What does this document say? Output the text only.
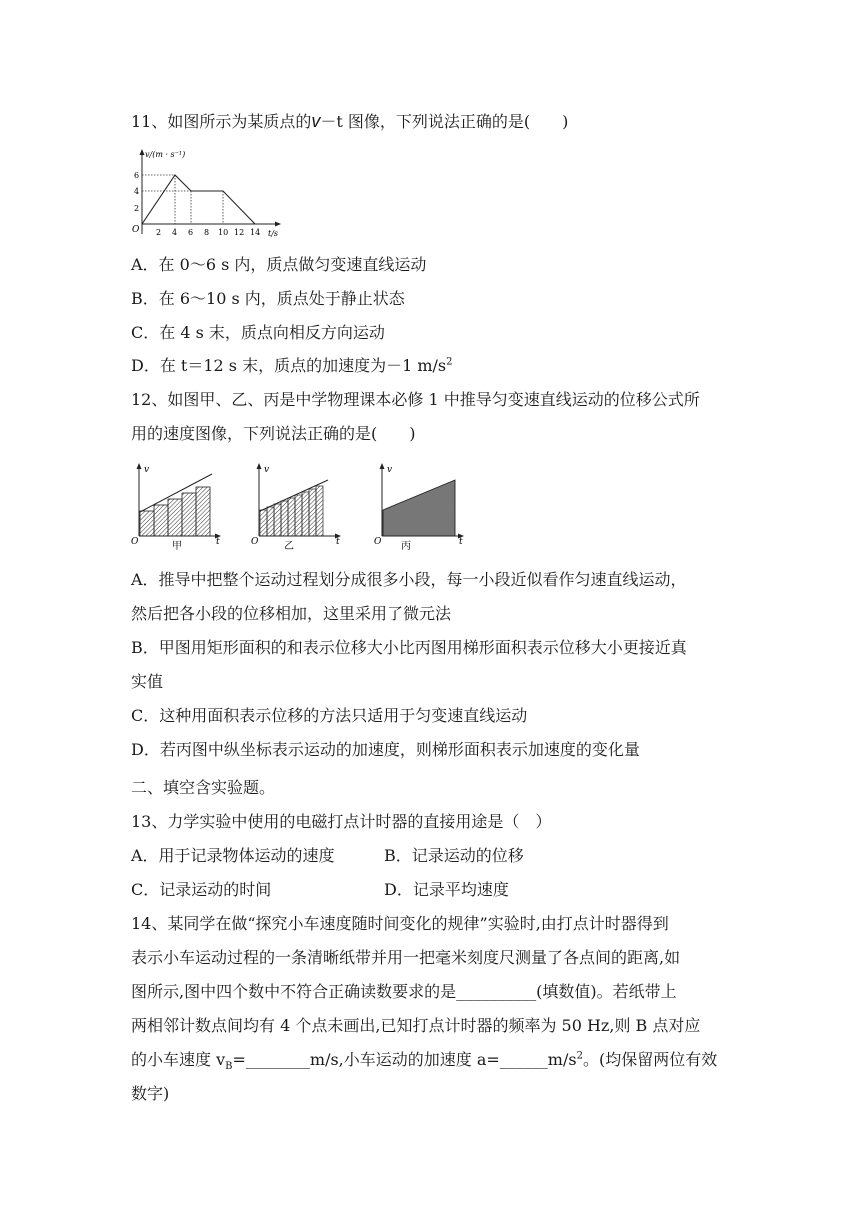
11、如图所示为某质点的v－t 图像，下列说法正确的是(　　)
v/(m · s⁻¹)
O
2
4
6
2 4 6 8 10 12 14 t/s
A．在 0～6 s 内，质点做匀变速直线运动
B．在 6～10 s 内，质点处于静止状态
C．在 4 s 末，质点向相反方向运动
D．在 t＝12 s 末，质点的加速度为－1 $m/s^2$
12、如图甲、乙、丙是中学物理课本必修 1 中推导匀变速直线运动的位移公式所
用的速度图像，下列说法正确的是(　　)
v
O	t
甲
v
O	t
乙
v
O	t
丙
A．推导中把整个运动过程划分成很多小段，每一小段近似看作匀速直线运动，
然后把各小段的位移相加，这里采用了微元法
B．甲图用矩形面积的和表示位移大小比丙图用梯形面积表示位移大小更接近真
实值
C．这种用面积表示位移的方法只适用于匀变速直线运动
D．若丙图中纵坐标表示运动的加速度，则梯形面积表示加速度的变化量
二、填空含实验题。
13、力学实验中使用的电磁打点计时器的直接用途是（　）
A．用于记录物体运动的速度	B．记录运动的位移
C．记录运动的时间	D．记录平均速度
14、某同学在做“探究小车速度随时间变化的规律”实验时,由打点计时器得到
表示小车运动过程的一条清晰纸带并用一把毫米刻度尺测量了各点间的距离,如
图所示,图中四个数中不符合正确读数要求的是__________(填数值)。若纸带上
两相邻计数点间均有 4 个点未画出,已知打点计时器的频率为 50 Hz,则 B 点对应
的小车速度 $v_B=\_\_\_\_\_\_\_\_m/s$,小车运动的加速度 $a=\_\_\_\_\_\_m/s^2$。(均保留两位有效
数字)
